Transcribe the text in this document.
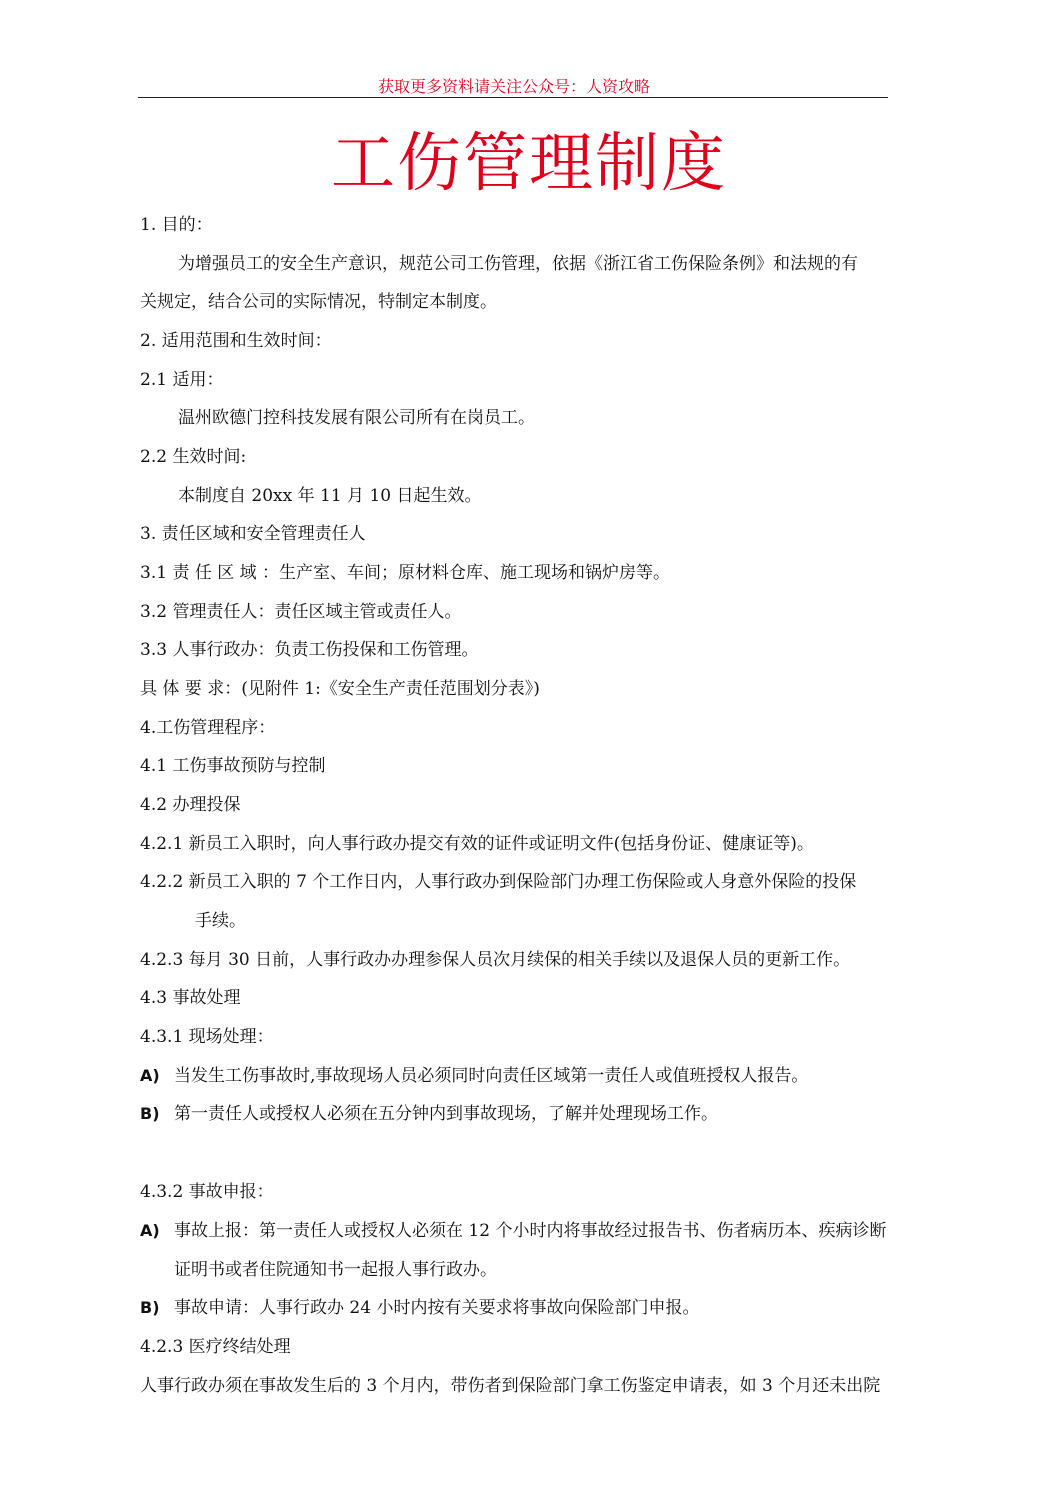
获取更多资料请关注公众号：人资攻略
工伤管理制度
1. 目的：
为增强员工的安全生产意识，规范公司工伤管理，依据《浙江省工伤保险条例》和法规的有
关规定，结合公司的实际情况，特制定本制度。
2. 适用范围和生效时间：
2.1 适用：
温州欧德门控科技发展有限公司所有在岗员工。
2.2 生效时间:
本制度自 20xx 年 11 月 10 日起生效。
3. 责任区域和安全管理责任人
3.1 责 任 区 域 ：生产室、车间；原材料仓库、施工现场和锅炉房等。
3.2 管理责任人：责任区域主管或责任人。
3.3 人事行政办：负责工伤投保和工伤管理。
具 体 要 求：(见附件 1:《安全生产责任范围划分表》)
4.工伤管理程序：
4.1 工伤事故预防与控制
4.2 办理投保
4.2.1 新员工入职时，向人事行政办提交有效的证件或证明文件(包括身份证、健康证等)。
4.2.2 新员工入职的 7 个工作日内，人事行政办到保险部门办理工伤保险或人身意外保险的投保
手续。
4.2.3 每月 30 日前，人事行政办办理参保人员次月续保的相关手续以及退保人员的更新工作。
4.3 事故处理
4.3.1 现场处理：
A) 当发生工伤事故时,事故现场人员必须同时向责任区域第一责任人或值班授权人报告。
B) 第一责任人或授权人必须在五分钟内到事故现场，了解并处理现场工作。
4.3.2 事故申报：
A) 事故上报：第一责任人或授权人必须在 12 个小时内将事故经过报告书、伤者病历本、疾病诊断
证明书或者住院通知书一起报人事行政办。
B) 事故申请：人事行政办 24 小时内按有关要求将事故向保险部门申报。
4.2.3 医疗终结处理
人事行政办须在事故发生后的 3 个月内，带伤者到保险部门拿工伤鉴定申请表，如 3 个月还未出院
